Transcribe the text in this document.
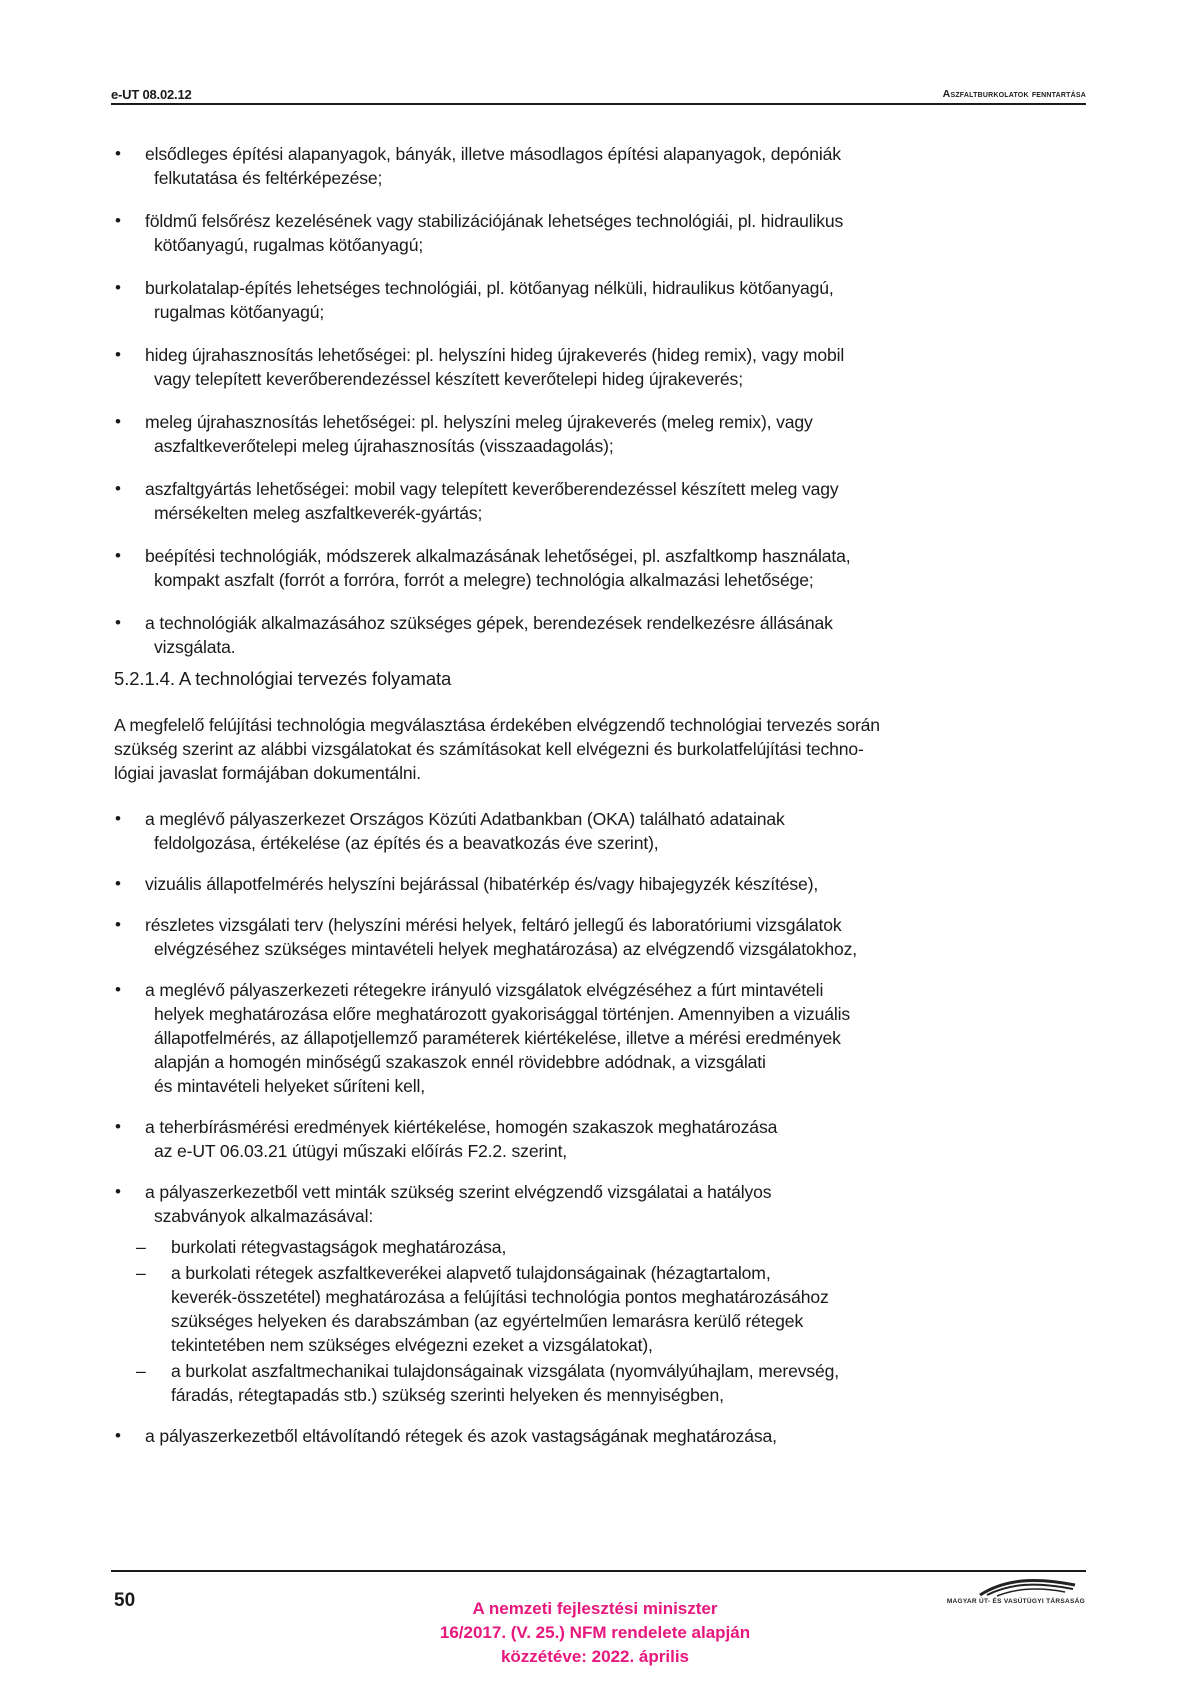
e-UT 08.02.12	Aszfaltburkolatok fenntartása
•	elsődleges építési alapanyagok, bányák, illetve másodlagos építési alapanyagok, depóniák
felkutatása és feltérképezése;
•	földmű felsőrész kezelésének vagy stabilizációjának lehetséges technológiái, pl. hidraulikus
kötőanyagú, rugalmas kötőanyagú;
•	burkolatalap-építés lehetséges technológiái, pl. kötőanyag nélküli, hidraulikus kötőanyagú,
rugalmas kötőanyagú;
•	hideg újrahasznosítás lehetőségei: pl. helyszíni hideg újrakeverés (hideg remix), vagy mobil
vagy telepített keverőberendezéssel készített keverőtelepi hideg újrakeverés;
•	meleg újrahasznosítás lehetőségei: pl. helyszíni meleg újrakeverés (meleg remix), vagy
aszfaltkeverőtelepi meleg újrahasznosítás (visszaadagolás);
•	aszfaltgyártás lehetőségei: mobil vagy telepített keverőberendezéssel készített meleg vagy
mérsékelten meleg aszfaltkeverék-gyártás;
•	beépítési technológiák, módszerek alkalmazásának lehetőségei, pl. aszfaltkomp használata,
kompakt aszfalt (forrót a forróra, forrót a melegre) technológia alkalmazási lehetősége;
•	a technológiák alkalmazásához szükséges gépek, berendezések rendelkezésre állásának
vizsgálata.
5.2.1.4. A technológiai tervezés folyamata
A megfelelő felújítási technológia megválasztása érdekében elvégzendő technológiai tervezés során
szükség szerint az alábbi vizsgálatokat és számításokat kell elvégezni és burkolatfelújítási techno-
lógiai javaslat formájában dokumentálni.
•	a meglévő pályaszerkezet Országos Közúti Adatbankban (OKA) található adatainak
feldolgozása, értékelése (az építés és a beavatkozás éve szerint),
•	vizuális állapotfelmérés helyszíni bejárással (hibatérkép és/vagy hibajegyzék készítése),
•	részletes vizsgálati terv (helyszíni mérési helyek, feltáró jellegű és laboratóriumi vizsgálatok
elvégzéséhez szükséges mintavételi helyek meghatározása) az elvégzendő vizsgálatokhoz,
•	a meglévő pályaszerkezeti rétegekre irányuló vizsgálatok elvégzéséhez a fúrt mintavételi
helyek meghatározása előre meghatározott gyakorisággal történjen. Amennyiben a vizuális
állapotfelmérés, az állapotjellemző paraméterek kiértékelése, illetve a mérési eredmények
alapján a homogén minőségű szakaszok ennél rövidebbre adódnak, a vizsgálati
és mintavételi helyeket sűríteni kell,
•	a teherbírásmérési eredmények kiértékelése, homogén szakaszok meghatározása
az e-UT 06.03.21 útügyi műszaki előírás F2.2. szerint,
•	a pályaszerkezetből vett minták szükség szerint elvégzendő vizsgálatai a hatályos
szabványok alkalmazásával:
– burkolati rétegvastagságok meghatározása,
– a burkolati rétegek aszfaltkeverékei alapvető tulajdonságainak (hézagtartalom,
keverék-összetétel) meghatározása a felújítási technológia pontos meghatározásához
szükséges helyeken és darabszámban (az egyértelműen lemarásra kerülő rétegek
tekintetében nem szükséges elvégezni ezeket a vizsgálatokat),
– a burkolat aszfaltmechanikai tulajdonságainak vizsgálata (nyomvályúhajlam, merevség,
fáradás, rétegtapadás stb.) szükség szerinti helyeken és mennyiségben,
•	a pályaszerkezetből eltávolítandó rétegek és azok vastagságának meghatározása,
50	A nemzeti fejlesztési miniszter
16/2017. (V. 25.) NFM rendelete alapján
közzétéve: 2022. április
MAGYAR ÚT- ÉS VASÚTÜGYI TÁRSASÁG
